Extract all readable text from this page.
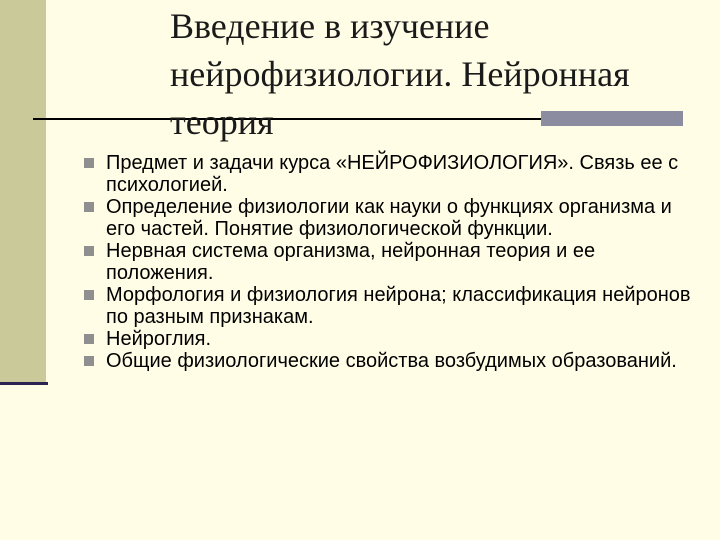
Введение в изучение нейрофизиологии. Нейронная теория
Предмет и задачи курса «НЕЙРОФИЗИОЛОГИЯ». Связь ее с психологией.
Определение физиологии как науки о функциях организма и его частей. Понятие физиологической функции.
Нервная система организма, нейронная теория и ее положения.
Морфология и физиология нейрона; классификация нейронов по разным признакам.
Нейроглия.
Общие физиологические свойства возбудимых образований.
